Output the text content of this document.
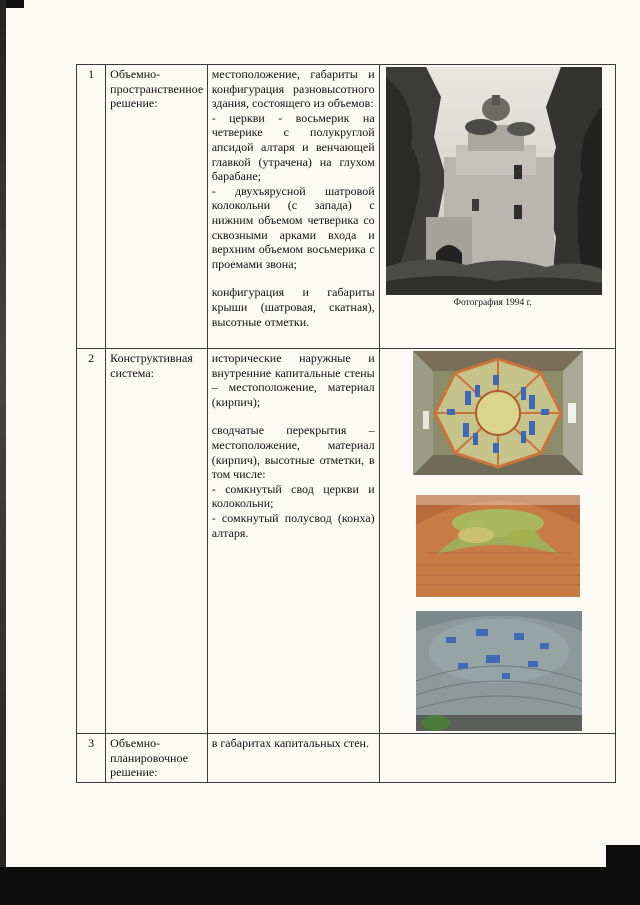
1	Объемно-пространственное решение:	местоположение, габариты и конфигурация разновысотного здания, состоящего из объемов:
- церкви - восьмерик на четверике с полукруглой апсидой алтаря и венчающей главкой (утрачена) на глухом барабане;
- двухъярусной шатровой колокольни (с запада) с нижним объемом четверика со сквозными арками входа и верхним объемом восьмерика с проемами звона;
конфигурация и габариты крыши (шатровая, скатная), высотные отметки.	Фотография 1994 г.

2	Конструктивная система:	исторические наружные и внутренние капитальные стены – местоположение, материал (кирпич);
сводчатые перекрытия – местоположение, материал (кирпич), высотные отметки, в том числе:
- сомкнутый свод церкви и колокольни;
- сомкнутый полусвод (конха) алтаря.

3	Объемно-планировочное решение:	в габаритах капитальных стен.	
